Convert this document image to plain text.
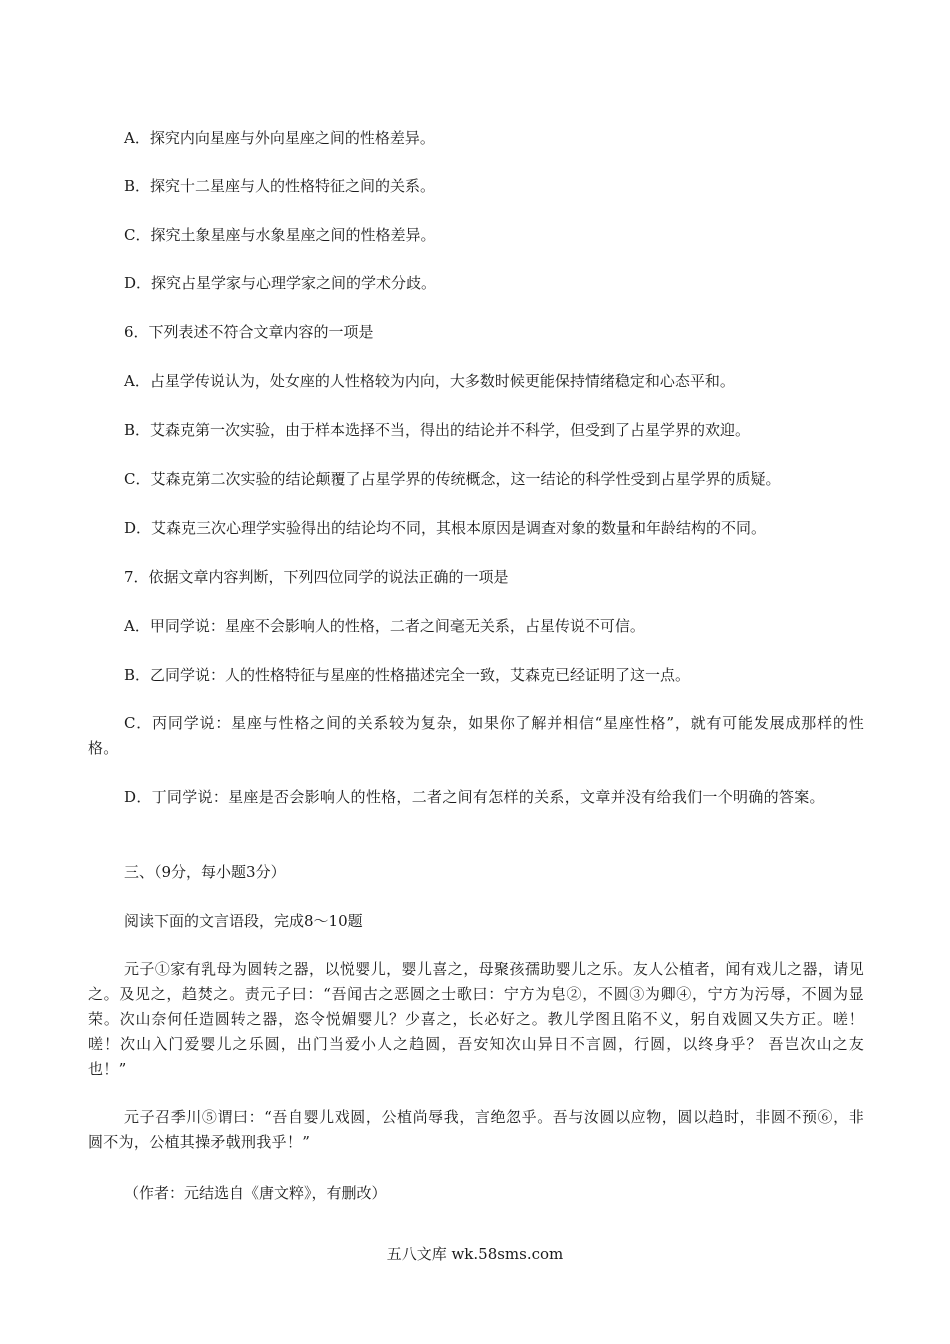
A．探究内向星座与外向星座之间的性格差异。
B．探究十二星座与人的性格特征之间的关系。
C．探究土象星座与水象星座之间的性格差异。
D．探究占星学家与心理学家之间的学术分歧。
6．下列表述不符合文章内容的一项是
A．占星学传说认为，处女座的人性格较为内向，大多数时候更能保持情绪稳定和心态平和。
B．艾森克第一次实验，由于样本选择不当，得出的结论并不科学，但受到了占星学界的欢迎。
C．艾森克第二次实验的结论颠覆了占星学界的传统概念，这一结论的科学性受到占星学界的质疑。
D．艾森克三次心理学实验得出的结论均不同，其根本原因是调查对象的数量和年龄结构的不同。
7．依据文章内容判断，下列四位同学的说法正确的一项是
A．甲同学说：星座不会影响人的性格，二者之间毫无关系，占星传说不可信。
B．乙同学说：人的性格特征与星座的性格描述完全一致，艾森克已经证明了这一点。
C．丙同学说：星座与性格之间的关系较为复杂，如果你了解并相信“星座性格”，就有可能发展成那样的性格。
D．丁同学说：星座是否会影响人的性格，二者之间有怎样的关系，文章并没有给我们一个明确的答案。
三、（9分，每小题3分）
阅读下面的文言语段，完成8～10题
元子①家有乳母为圆转之器，以悦婴儿，婴儿喜之，母聚孩孺助婴儿之乐。友人公植者，闻有戏儿之器，请见之。及见之，趋焚之。责元子曰：“吾闻古之恶圆之士歌曰：宁方为皂②，不圆③为卿④，宁方为污辱，不圆为显荣。次山奈何任造圆转之器，恣令悦媚婴儿？少喜之，长必好之。教儿学图且陷不义，躬自戏圆又失方正。嗟！嗟！次山入门爱婴儿之乐圆，出门当爱小人之趋圆，吾安知次山异日不言圆，行圆，以终身乎？ 吾岂次山之友也！”
元子召季川⑤谓曰：“吾自婴儿戏圆，公植尚辱我，言绝忽乎。吾与汝圆以应物，圆以趋时，非圆不预⑥，非圆不为，公植其操矛戟刑我乎！”
（作者：元结选自《唐文粹》，有删改）
五八文库 wk.58sms.com
